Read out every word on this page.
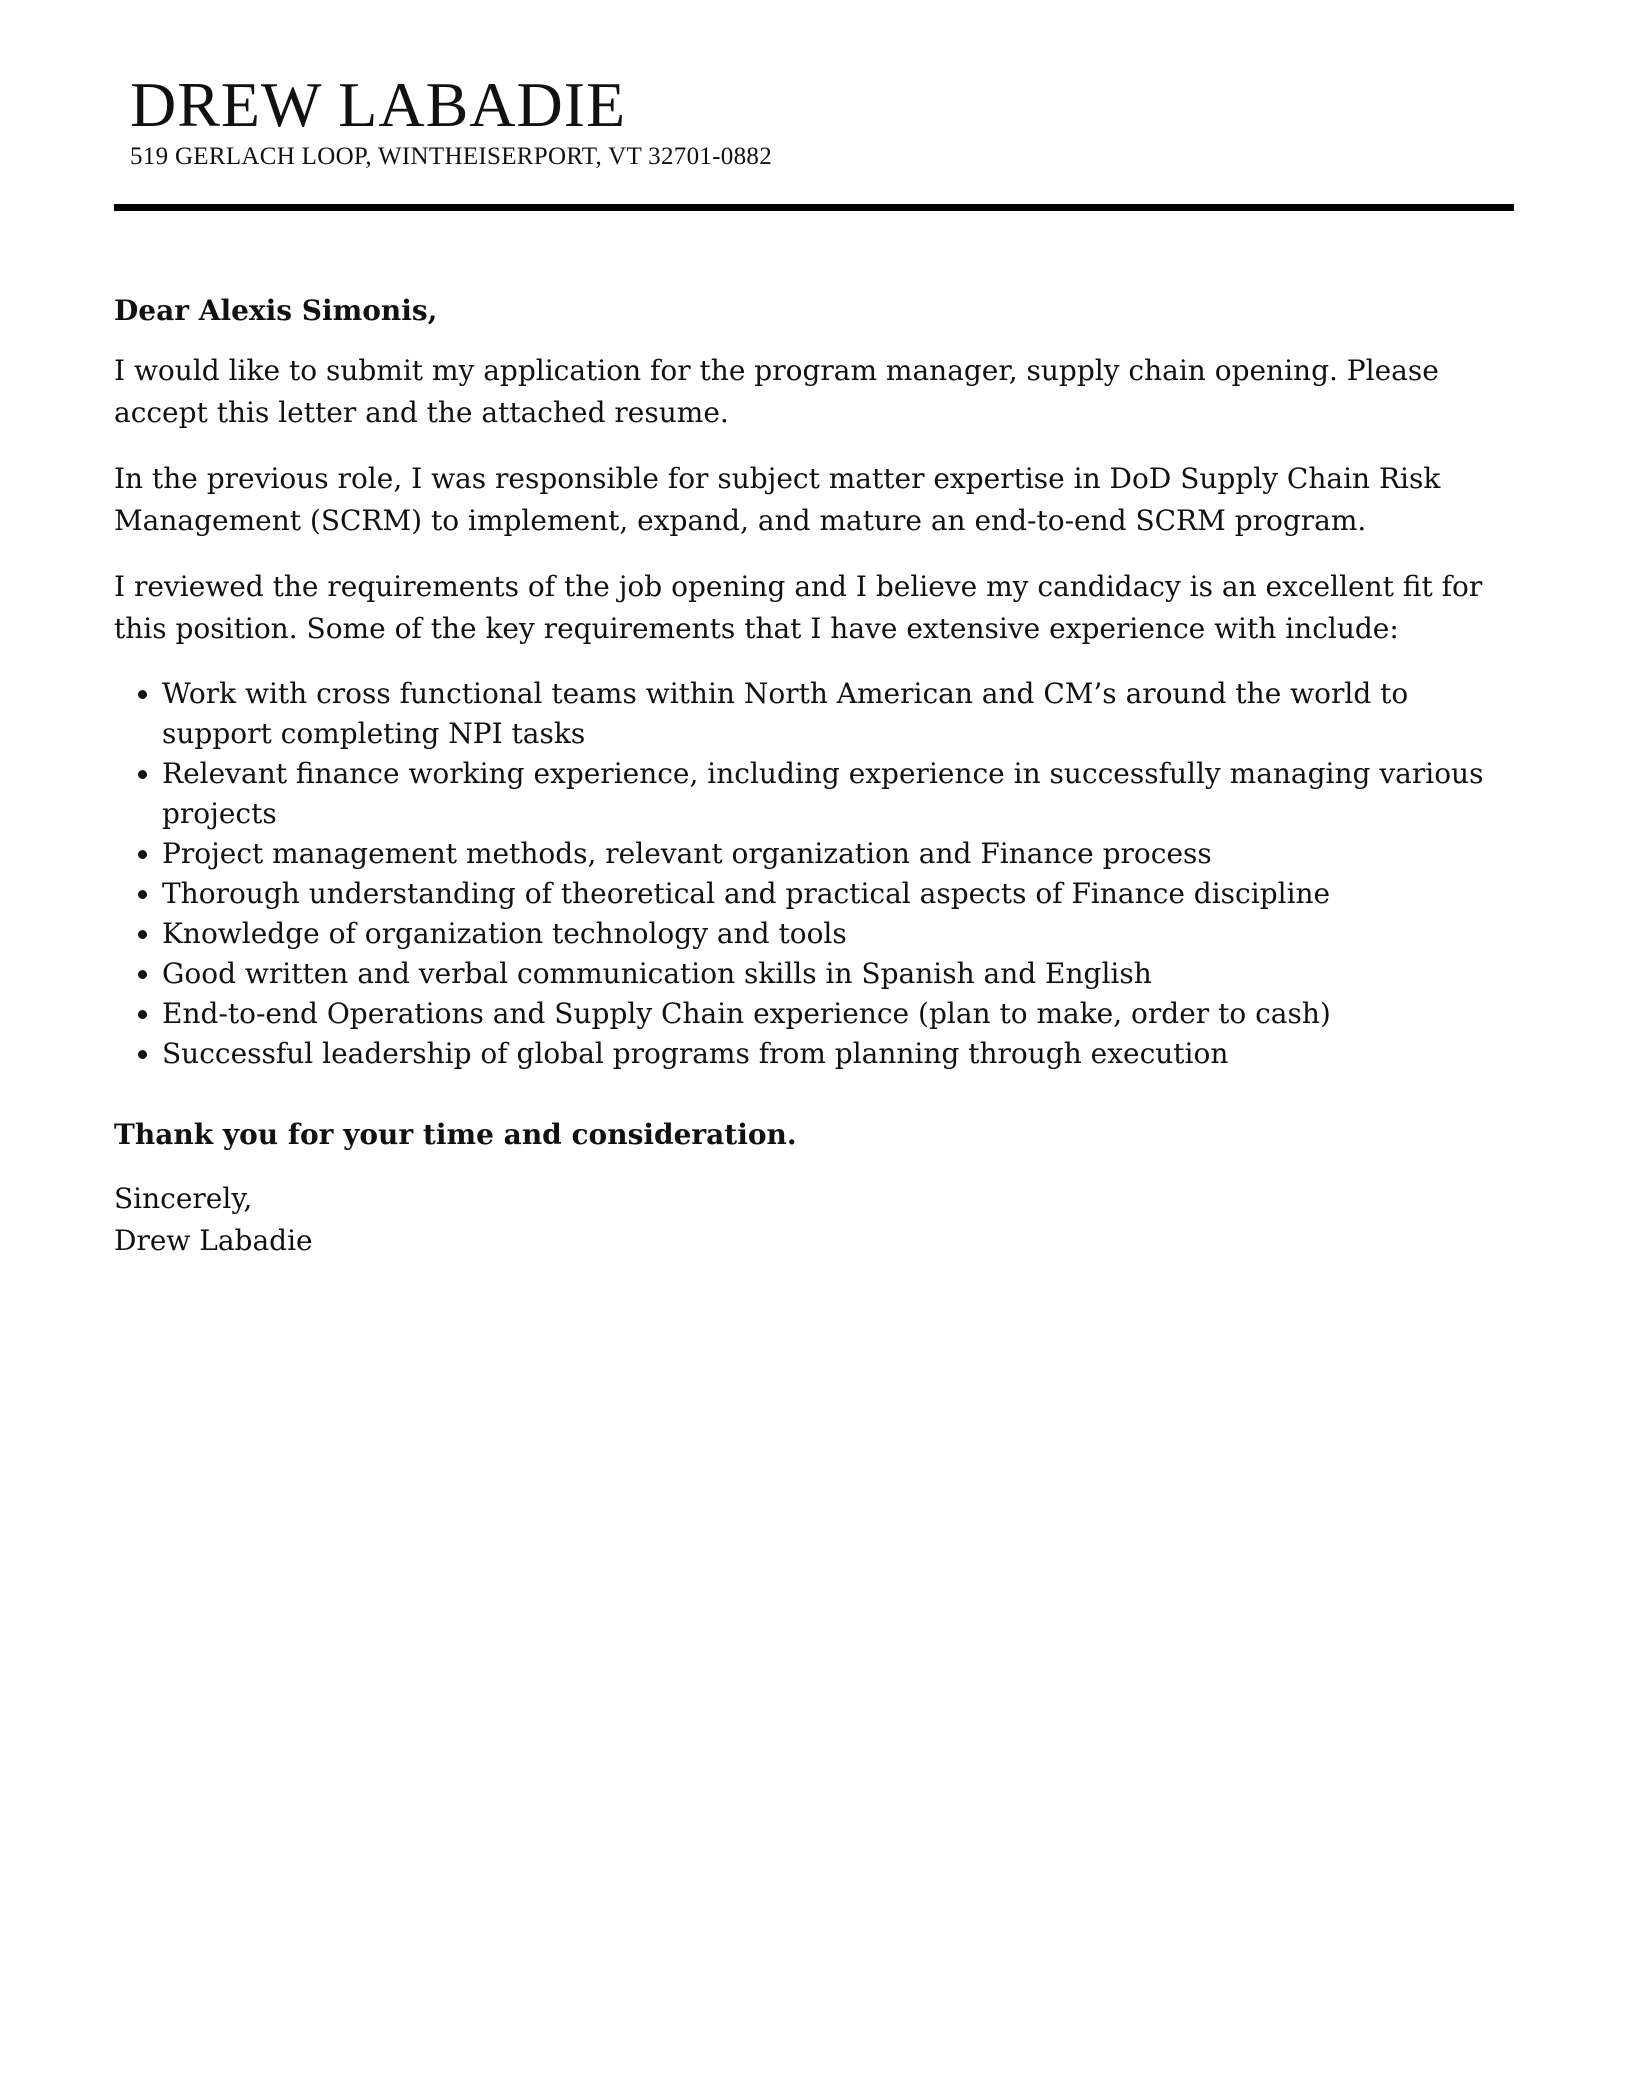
DREW LABADIE
519 GERLACH LOOP, WINTHEISERPORT, VT 32701-0882

Dear Alexis Simonis,

I would like to submit my application for the program manager, supply chain opening. Please accept this letter and the attached resume.

In the previous role, I was responsible for subject matter expertise in DoD Supply Chain Risk Management (SCRM) to implement, expand, and mature an end-to-end SCRM program.

I reviewed the requirements of the job opening and I believe my candidacy is an excellent fit for this position. Some of the key requirements that I have extensive experience with include:

• Work with cross functional teams within North American and CM’s around the world to support completing NPI tasks
• Relevant finance working experience, including experience in successfully managing various projects
• Project management methods, relevant organization and Finance process
• Thorough understanding of theoretical and practical aspects of Finance discipline
• Knowledge of organization technology and tools
• Good written and verbal communication skills in Spanish and English
• End-to-end Operations and Supply Chain experience (plan to make, order to cash)
• Successful leadership of global programs from planning through execution

Thank you for your time and consideration.

Sincerely,
Drew Labadie
